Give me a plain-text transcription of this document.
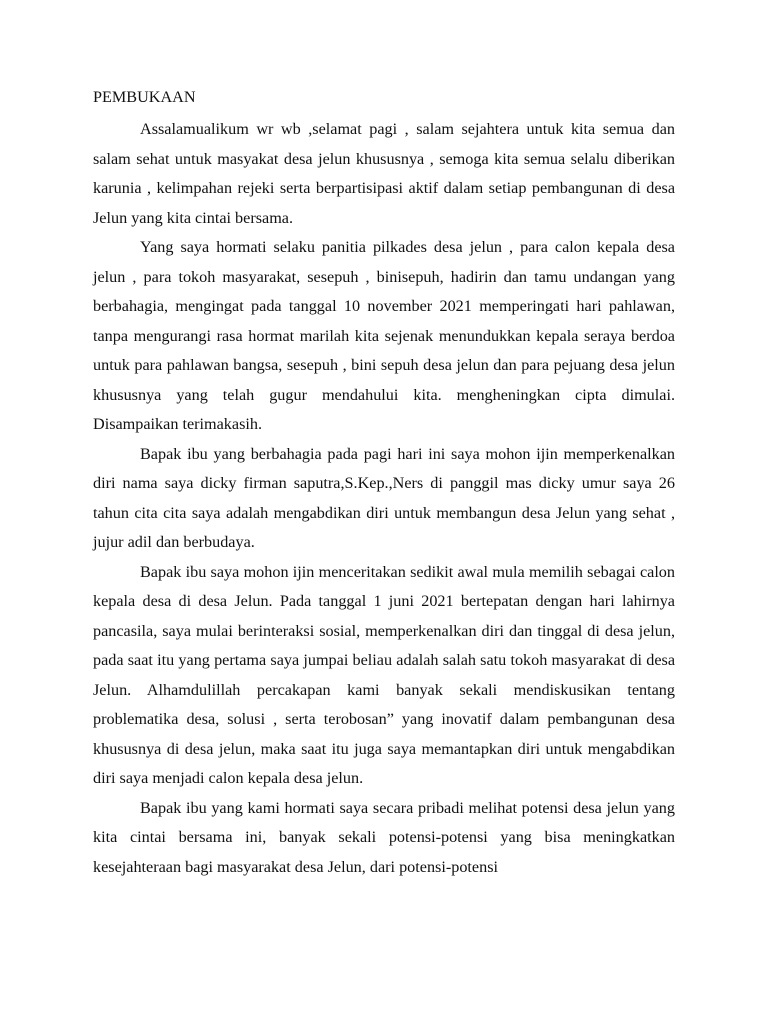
PEMBUKAAN

Assalamualikum wr wb ,selamat pagi , salam sejahtera untuk kita semua dan salam sehat untuk masyakat desa jelun khususnya , semoga kita semua selalu diberikan karunia , kelimpahan rejeki serta berpartisipasi aktif dalam setiap pembangunan di desa Jelun yang kita cintai bersama.

Yang saya hormati selaku panitia pilkades desa jelun , para calon kepala desa jelun , para tokoh masyarakat, sesepuh , binisepuh, hadirin dan tamu undangan yang berbahagia, mengingat pada tanggal 10 november 2021 memperingati hari pahlawan, tanpa mengurangi rasa hormat marilah kita sejenak menundukkan kepala seraya berdoa untuk para pahlawan bangsa, sesepuh , bini sepuh desa jelun dan para pejuang desa jelun khususnya yang telah gugur mendahului kita. mengheningkan cipta dimulai. Disampaikan terimakasih.

Bapak ibu yang berbahagia pada pagi hari ini saya mohon ijin memperkenalkan diri nama saya dicky firman saputra,S.Kep.,Ners di panggil mas dicky umur saya 26 tahun cita cita saya adalah mengabdikan diri untuk membangun desa Jelun yang sehat , jujur adil dan berbudaya.

Bapak ibu saya mohon ijin menceritakan sedikit awal mula memilih sebagai calon kepala desa di desa Jelun. Pada tanggal 1 juni 2021 bertepatan dengan hari lahirnya pancasila, saya mulai berinteraksi sosial, memperkenalkan diri dan tinggal di desa jelun, pada saat itu yang pertama saya jumpai beliau adalah salah satu tokoh masyarakat di desa Jelun. Alhamdulillah percakapan kami banyak sekali mendiskusikan tentang problematika desa, solusi , serta terobosan” yang inovatif dalam pembangunan desa khususnya di desa jelun, maka saat itu juga saya memantapkan diri untuk mengabdikan diri saya menjadi calon kepala desa jelun.

Bapak ibu yang kami hormati saya secara pribadi melihat potensi desa jelun yang kita cintai bersama ini, banyak sekali potensi-potensi yang bisa meningkatkan kesejahteraan bagi masyarakat desa Jelun, dari potensi-potensi
